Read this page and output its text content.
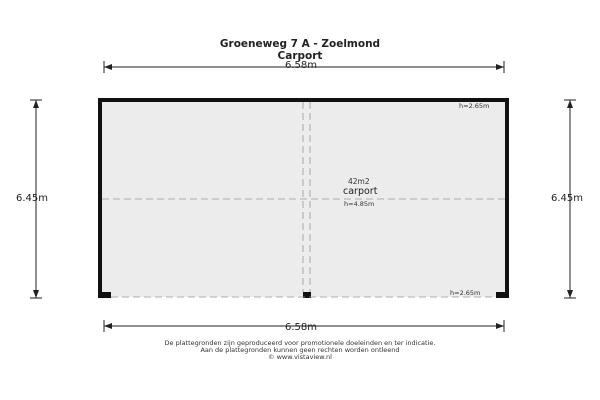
Groeneweg 7 A - Zoelmond
Carport
6.58m
6.58m
6.45m	6.45m
42m2
carport
h=4.85m
h=2.65m
h=2.65m
De plattegronden zijn geproduceerd voor promotionele doeleinden en ter indicatie.
Aan de plattegronden kunnen geen rechten worden ontleend
© www.vistaview.nl
